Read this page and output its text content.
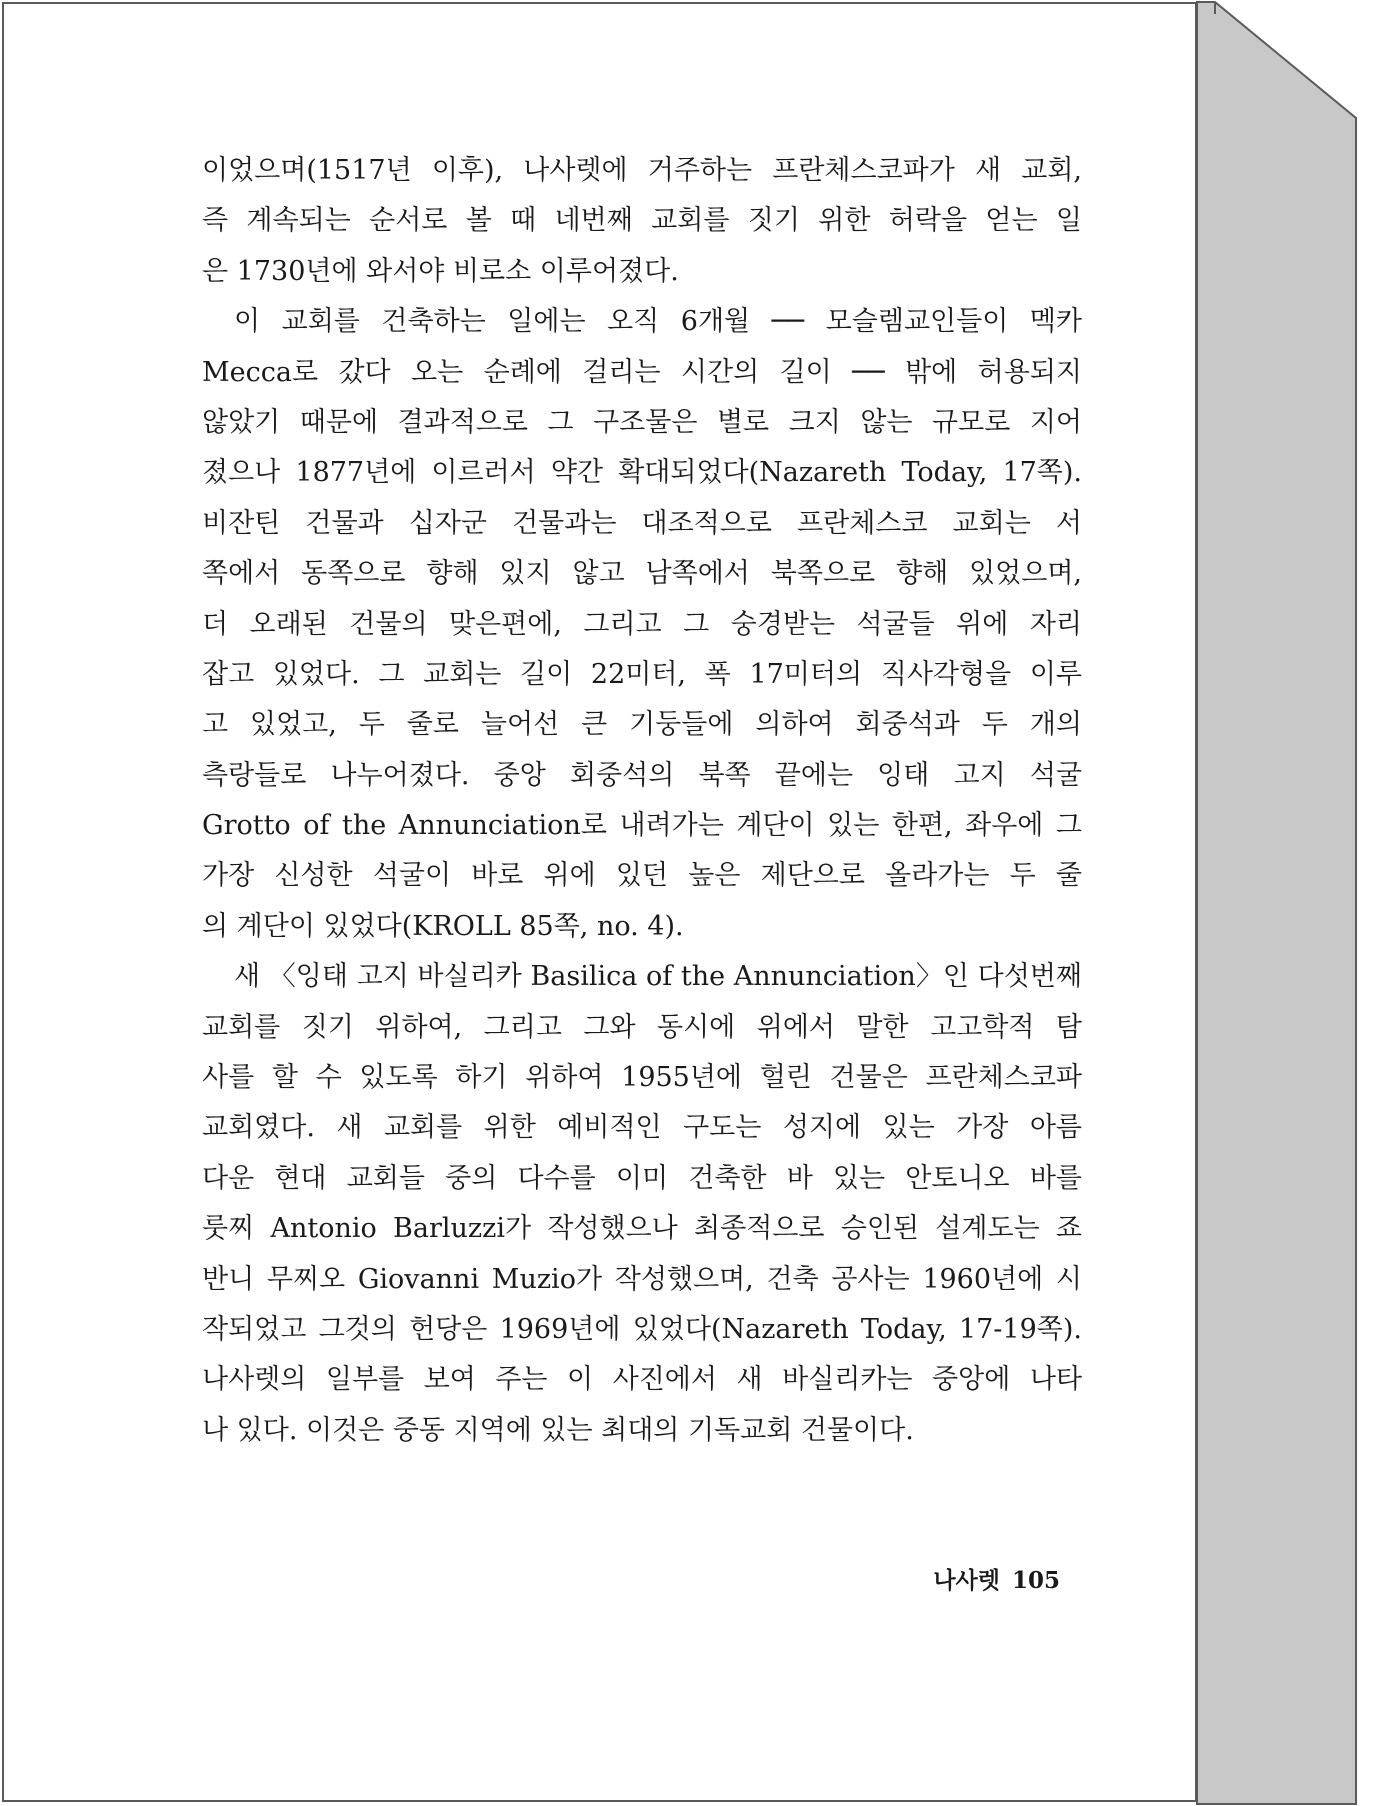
이었으며(1517년 이후), 나사렛에 거주하는 프란체스코파가 새 교회,
즉 계속되는 순서로 볼 때 네번째 교회를 짓기 위한 허락을 얻는 일
은 1730년에 와서야 비로소 이루어졌다.
이 교회를 건축하는 일에는 오직 6개월 ── 모슬렘교인들이 멕카
Mecca로 갔다 오는 순례에 걸리는 시간의 길이 ── 밖에 허용되지
않았기 때문에 결과적으로 그 구조물은 별로 크지 않는 규모로 지어
졌으나 1877년에 이르러서 약간 확대되었다(Nazareth Today, 17쪽).
비잔틴 건물과 십자군 건물과는 대조적으로 프란체스코 교회는 서
쪽에서 동쪽으로 향해 있지 않고 남쪽에서 북쪽으로 향해 있었으며,
더 오래된 건물의 맞은편에, 그리고 그 숭경받는 석굴들 위에 자리
잡고 있었다. 그 교회는 길이 22미터, 폭 17미터의 직사각형을 이루
고 있었고, 두 줄로 늘어선 큰 기둥들에 의하여 회중석과 두 개의
측랑들로 나누어졌다. 중앙 회중석의 북쪽 끝에는 잉태 고지 석굴
Grotto of the Annunciation로 내려가는 계단이 있는 한편, 좌우에 그
가장 신성한 석굴이 바로 위에 있던 높은 제단으로 올라가는 두 줄
의 계단이 있었다(KROLL 85쪽, no. 4).
새 〈잉태 고지 바실리카 Basilica of the Annunciation〉인 다섯번째
교회를 짓기 위하여, 그리고 그와 동시에 위에서 말한 고고학적 탐
사를 할 수 있도록 하기 위하여 1955년에 헐린 건물은 프란체스코파
교회였다. 새 교회를 위한 예비적인 구도는 성지에 있는 가장 아름
다운 현대 교회들 중의 다수를 이미 건축한 바 있는 안토니오 바를
룻찌 Antonio Barluzzi가 작성했으나 최종적으로 승인된 설계도는 죠
반니 무찌오 Giovanni Muzio가 작성했으며, 건축 공사는 1960년에 시
작되었고 그것의 헌당은 1969년에 있었다(Nazareth Today, 17-19쪽).
나사렛의 일부를 보여 주는 이 사진에서 새 바실리카는 중앙에 나타
나 있다. 이것은 중동 지역에 있는 최대의 기독교회 건물이다.
나사렛 105
